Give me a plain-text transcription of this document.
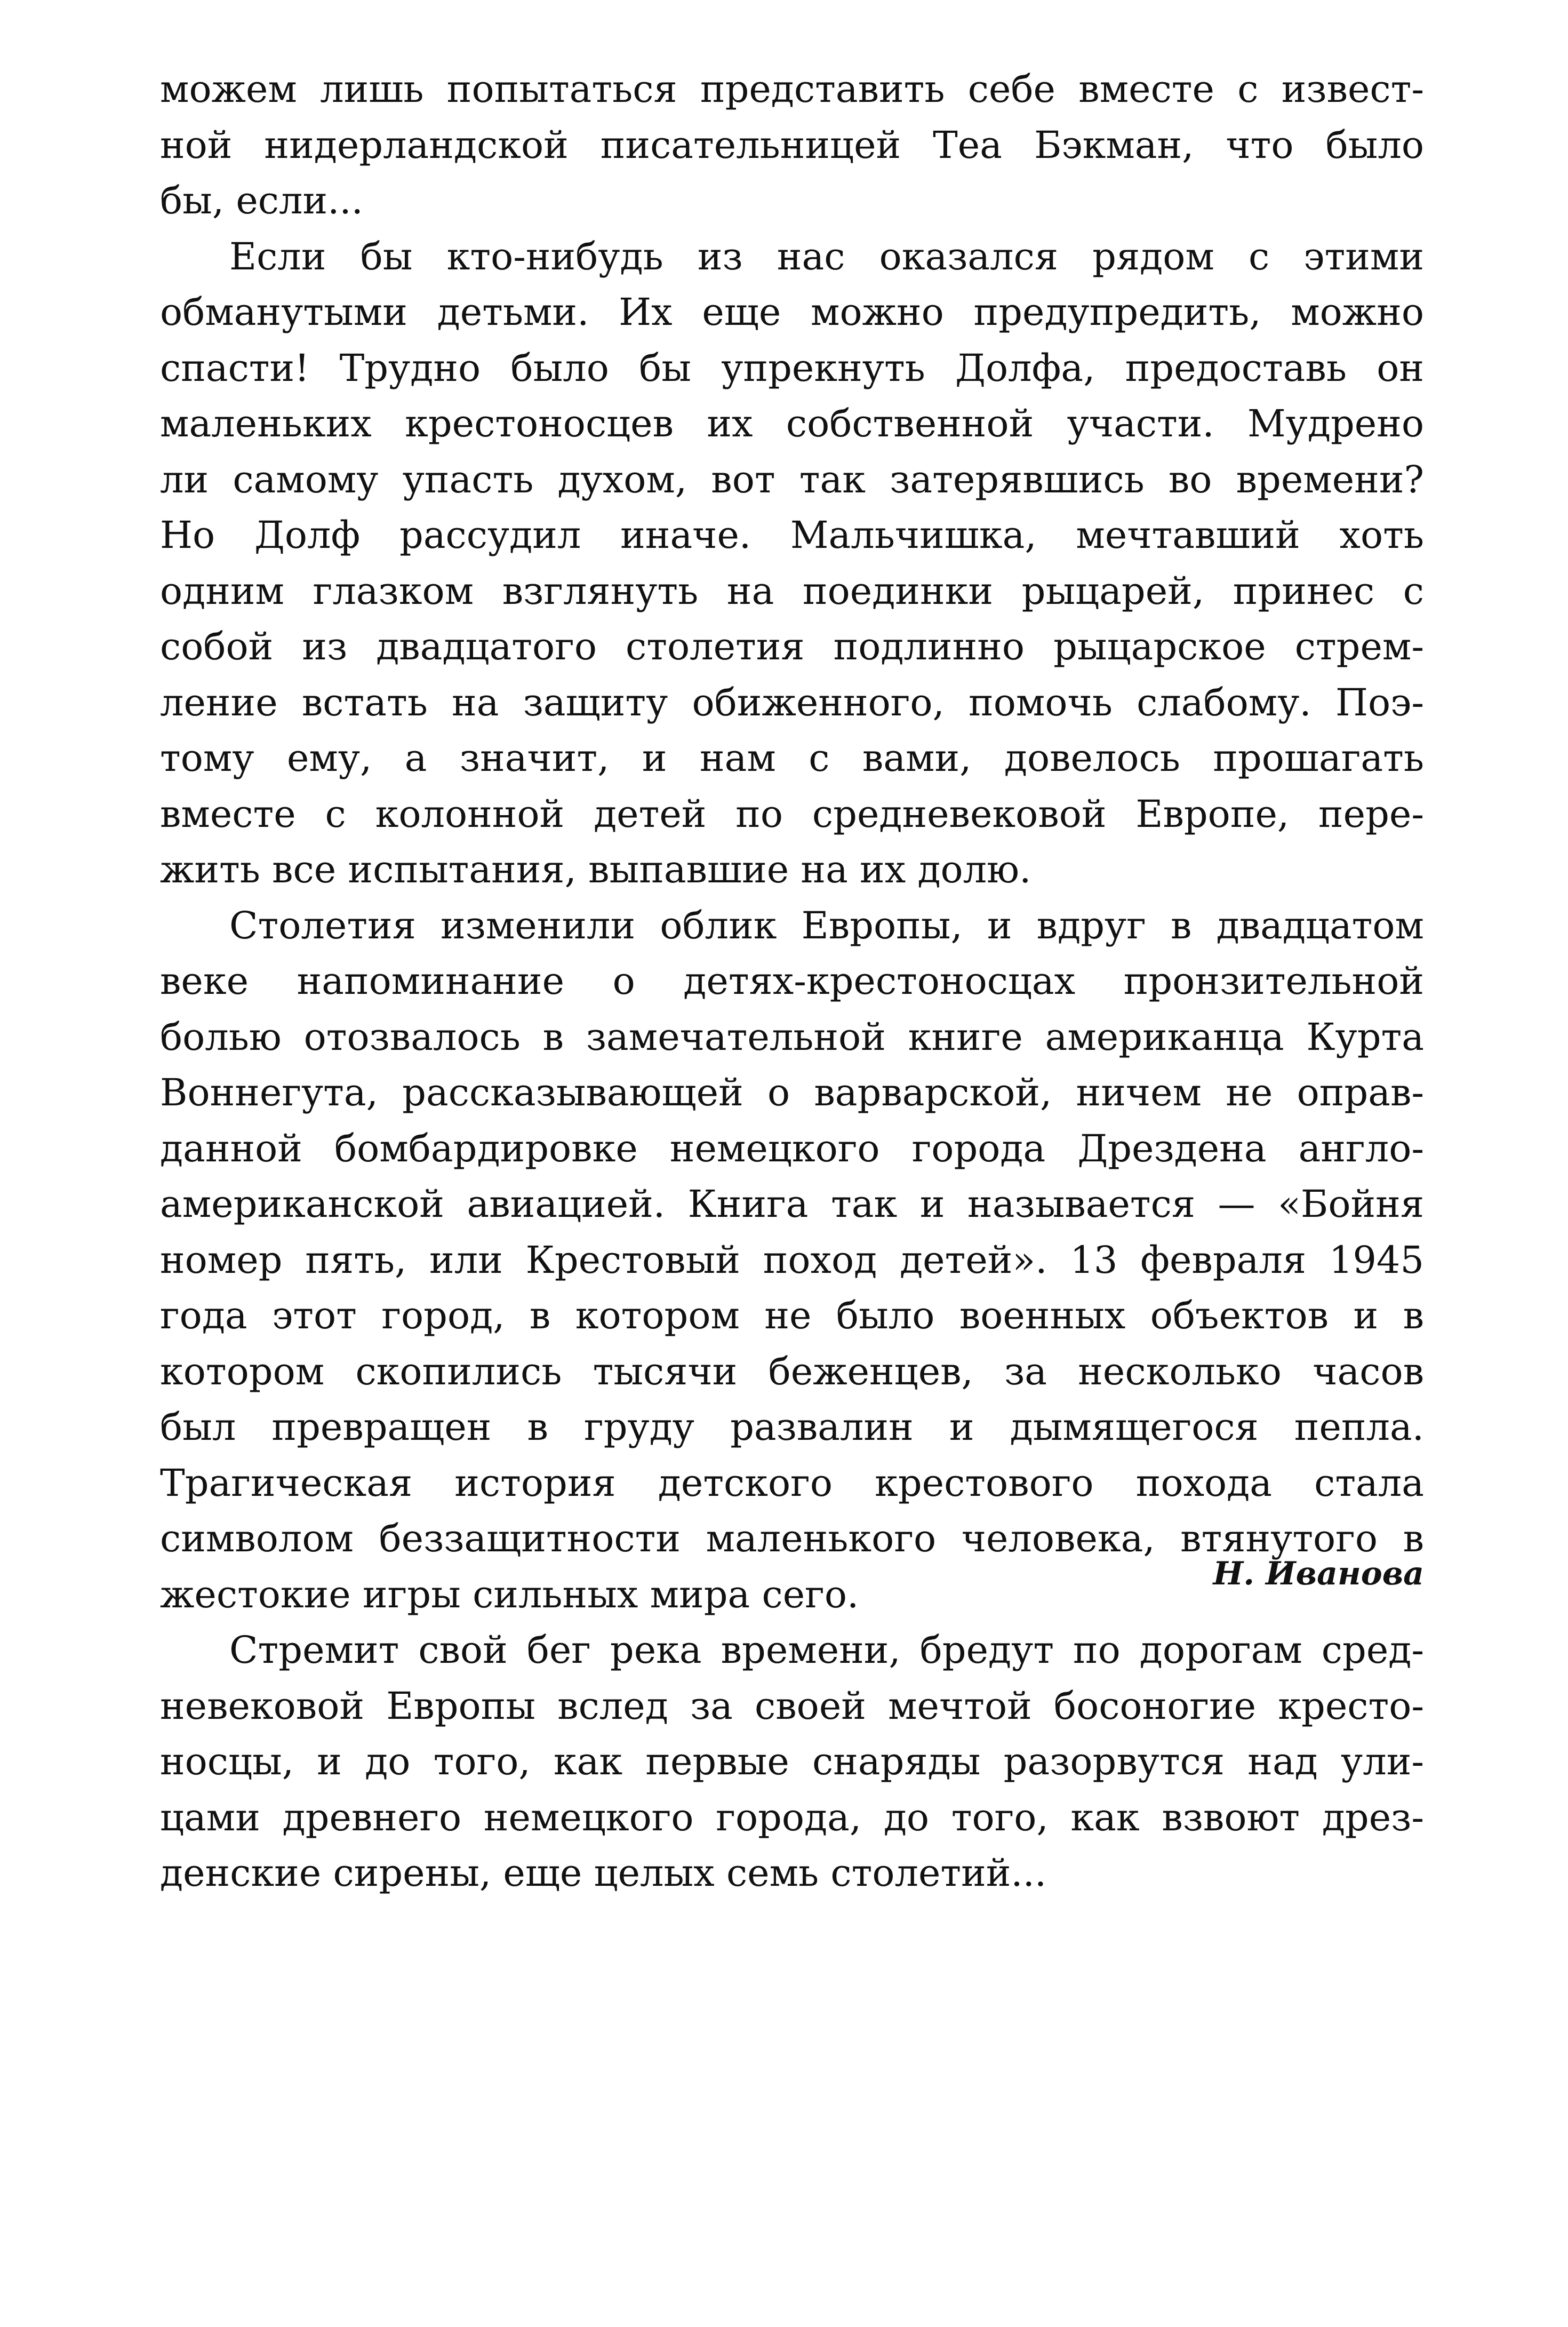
можем лишь попытаться представить себе вместе с извест-
ной нидерландской писательницей Теа Бэкман, что было
бы, если...
Если бы кто-нибудь из нас оказался рядом с этими
обманутыми детьми. Их еще можно предупредить, можно
спасти! Трудно было бы упрекнуть Долфа, предоставь он
маленьких крестоносцев их собственной участи. Мудрено
ли самому упасть духом, вот так затерявшись во времени?
Но Долф рассудил иначе. Мальчишка, мечтавший хоть
одним глазком взглянуть на поединки рыцарей, принес с
собой из двадцатого столетия подлинно рыцарское стрем-
ление встать на защиту обиженного, помочь слабому. Поэ-
тому ему, а значит, и нам с вами, довелось прошагать
вместе с колонной детей по средневековой Европе, пере-
жить все испытания, выпавшие на их долю.
Столетия изменили облик Европы, и вдруг в двадцатом
веке напоминание о детях-крестоносцах пронзительной
болью отозвалось в замечательной книге американца Курта
Воннегута, рассказывающей о варварской, ничем не оправ-
данной бомбардировке немецкого города Дрездена англо-
американской авиацией. Книга так и называется — «Бойня
номер пять, или Крестовый поход детей». 13 февраля 1945
года этот город, в котором не было военных объектов и в
котором скопились тысячи беженцев, за несколько часов
был превращен в груду развалин и дымящегося пепла.
Трагическая история детского крестового похода стала
символом беззащитности маленького человека, втянутого в
жестокие игры сильных мира сего.
Стремит свой бег река времени, бредут по дорогам сред-
невековой Европы вслед за своей мечтой босоногие кресто-
носцы, и до того, как первые снаряды разорвутся над ули-
цами древнего немецкого города, до того, как взвоют дрез-
денские сирены, еще целых семь столетий...
Н. Иванова
